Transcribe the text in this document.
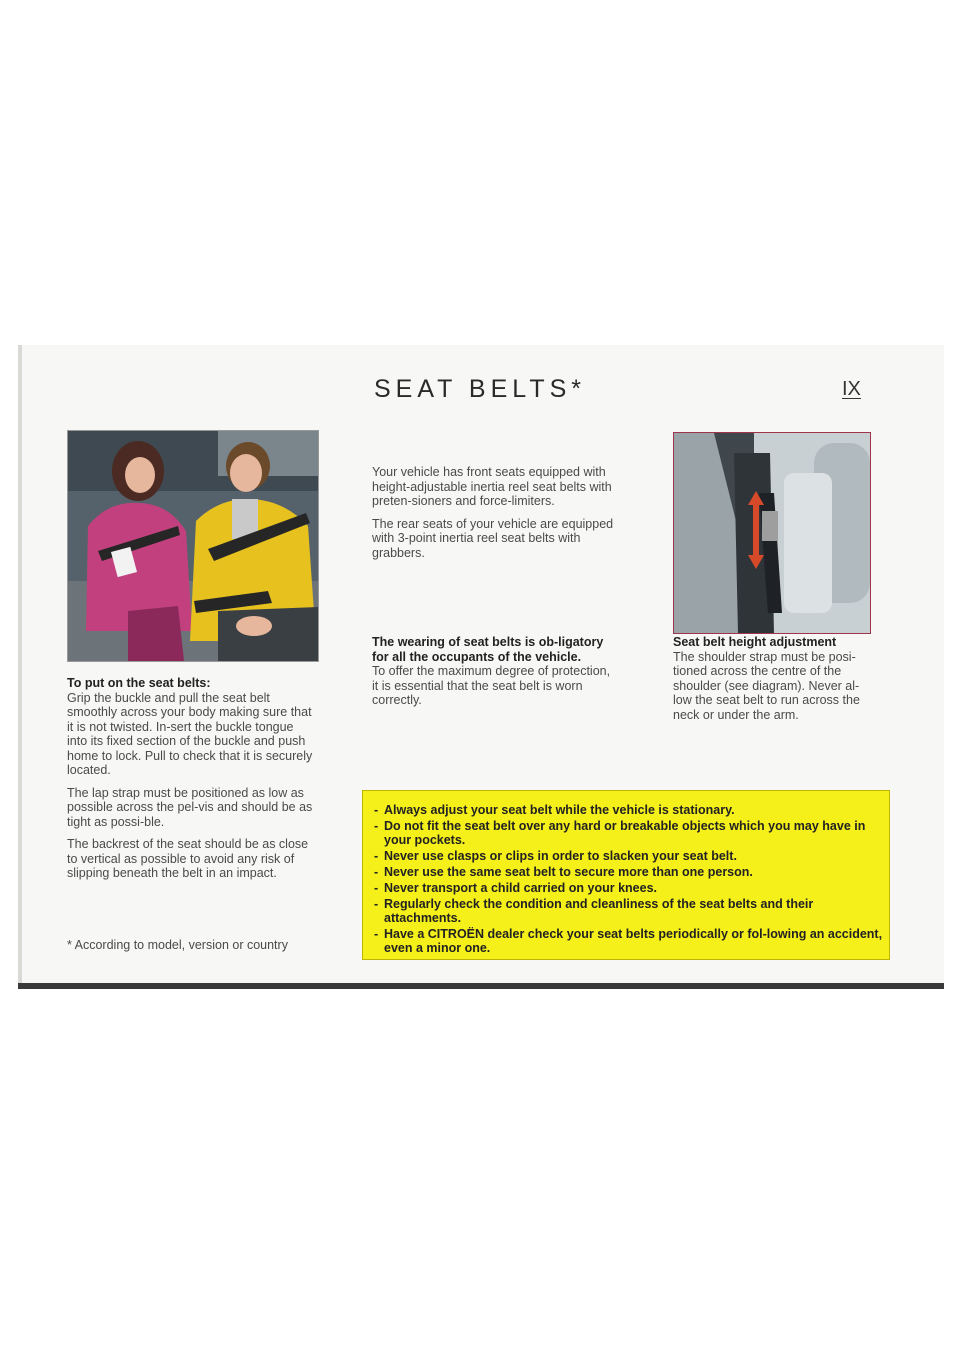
SEAT BELTS*	IX
To put on the seat belts:

Grip the buckle and pull the seat belt smoothly across your body making sure that it is not twisted. In-sert the buckle tongue into its fixed section of the buckle and push home to lock. Pull to check that it is securely located.

The lap strap must be positioned as low as possible across the pel-vis and should be as tight as possi-ble.

The backrest of the seat should be as close to vertical as possible to avoid any risk of slipping beneath the belt in an impact.

* According to model, version or country

Your vehicle has front seats equipped with height-adjustable inertia reel seat belts with preten-sioners and force-limiters.

The rear seats of your vehicle are equipped with 3-point inertia reel seat belts with grabbers.

The wearing of seat belts is ob-ligatory for all the occupants of the vehicle.

To offer the maximum degree of protection, it is essential that the seat belt is worn correctly.

Seat belt height adjustment

The shoulder strap must be posi-tioned across the centre of the shoulder (see diagram). Never al-low the seat belt to run across the neck or under the arm.

- Always adjust your seat belt while the vehicle is stationary.
- Do not fit the seat belt over any hard or breakable objects which you may have in your pockets.
- Never use clasps or clips in order to slacken your seat belt.
- Never use the same seat belt to secure more than one person.
- Never transport a child carried on your knees.
- Regularly check the condition and cleanliness of the seat belts and their attachments.
- Have a CITROËN dealer check your seat belts periodically or fol-lowing an accident, even a minor one.
